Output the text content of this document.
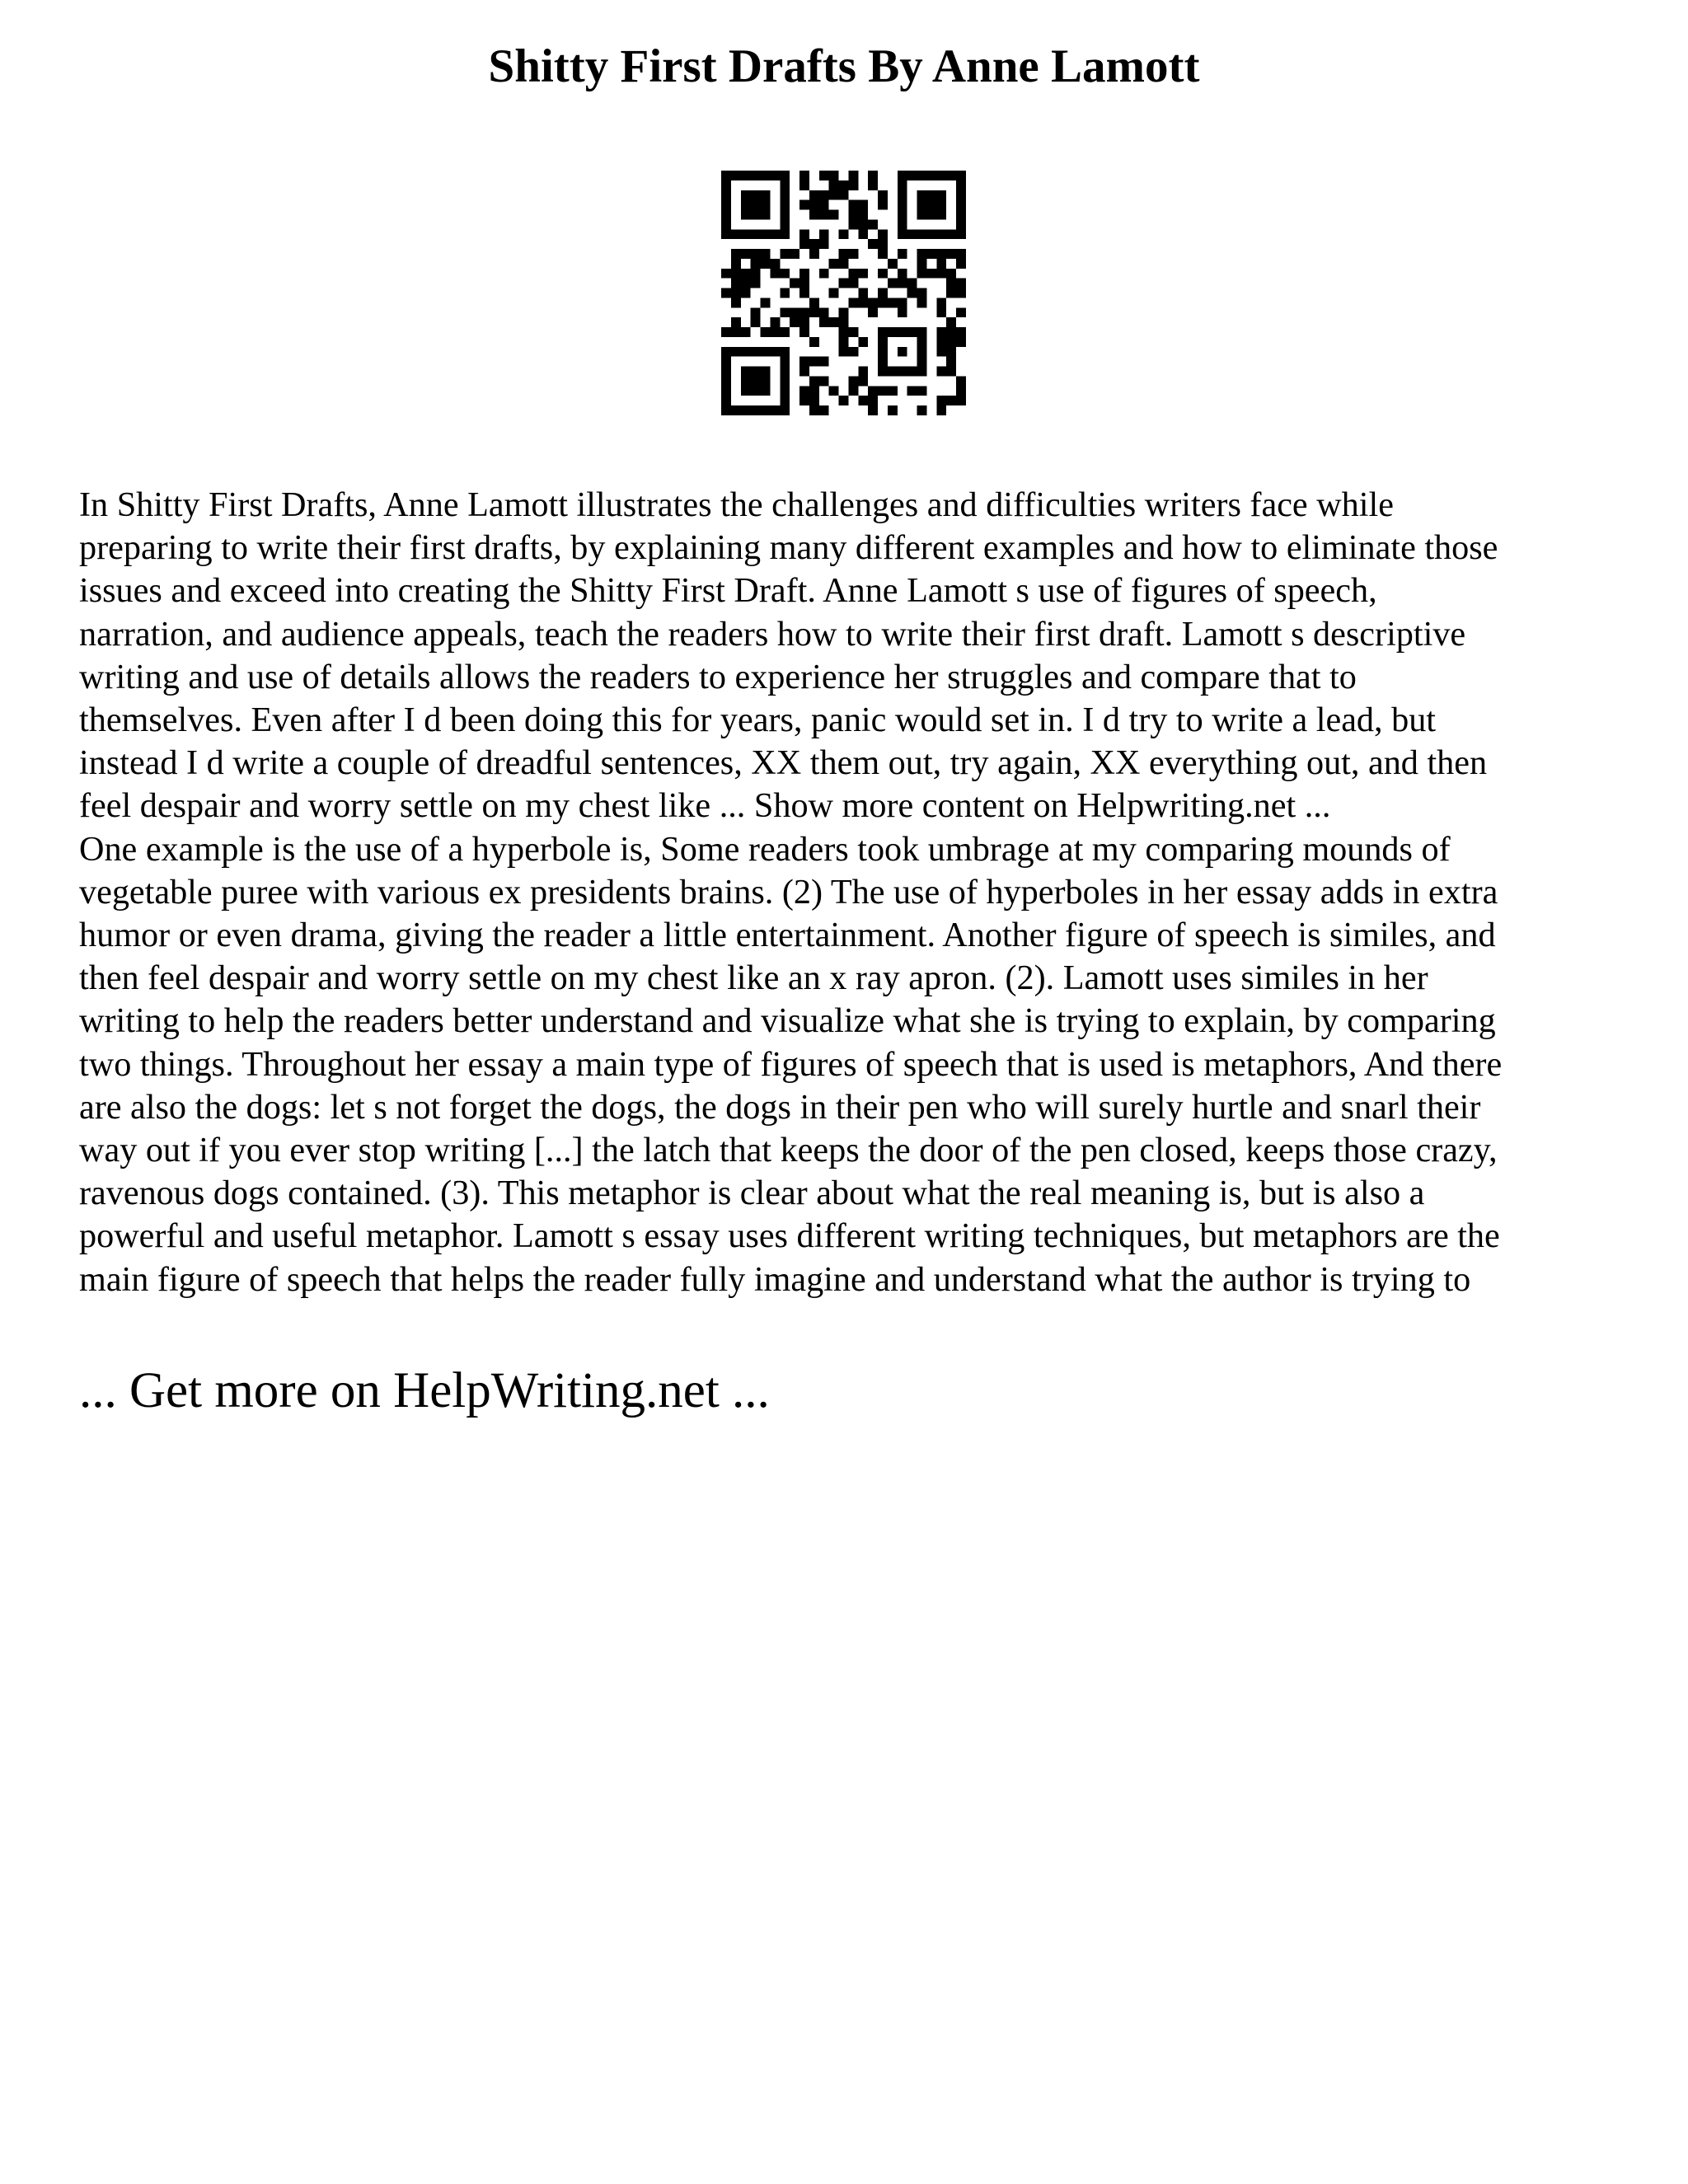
Shitty First Drafts By Anne Lamott

In Shitty First Drafts, Anne Lamott illustrates the challenges and difficulties writers face while
preparing to write their first drafts, by explaining many different examples and how to eliminate those
issues and exceed into creating the Shitty First Draft. Anne Lamott s use of figures of speech,
narration, and audience appeals, teach the readers how to write their first draft. Lamott s descriptive
writing and use of details allows the readers to experience her struggles and compare that to
themselves. Even after I d been doing this for years, panic would set in. I d try to write a lead, but
instead I d write a couple of dreadful sentences, XX them out, try again, XX everything out, and then
feel despair and worry settle on my chest like ... Show more content on Helpwriting.net ...

One example is the use of a hyperbole is, Some readers took umbrage at my comparing mounds of
vegetable puree with various ex presidents brains. (2) The use of hyperboles in her essay adds in extra
humor or even drama, giving the reader a little entertainment. Another figure of speech is similes, and
then feel despair and worry settle on my chest like an x ray apron. (2). Lamott uses similes in her
writing to help the readers better understand and visualize what she is trying to explain, by comparing
two things. Throughout her essay a main type of figures of speech that is used is metaphors, And there
are also the dogs: let s not forget the dogs, the dogs in their pen who will surely hurtle and snarl their
way out if you ever stop writing [...] the latch that keeps the door of the pen closed, keeps those crazy,
ravenous dogs contained. (3). This metaphor is clear about what the real meaning is, but is also a
powerful and useful metaphor. Lamott s essay uses different writing techniques, but metaphors are the
main figure of speech that helps the reader fully imagine and understand what the author is trying to

... Get more on HelpWriting.net ...
